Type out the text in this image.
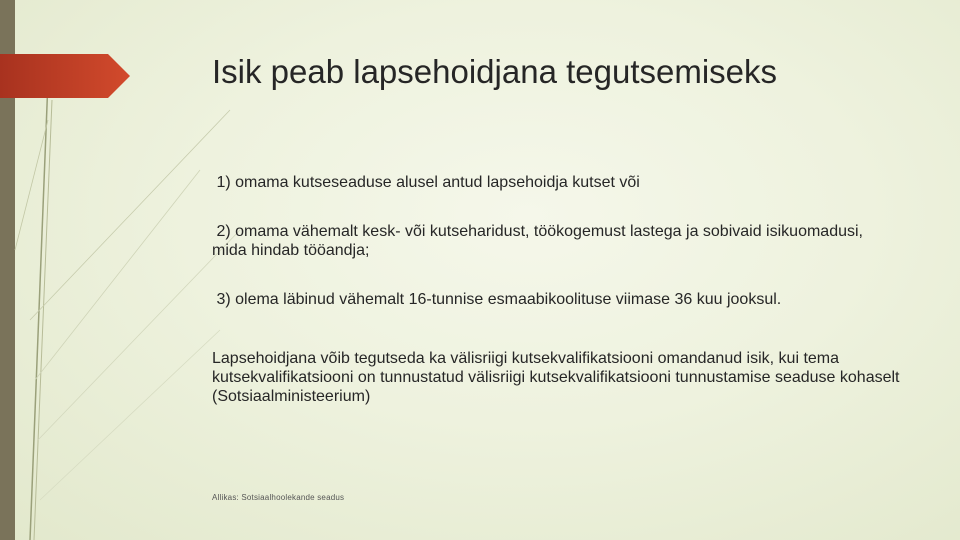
Isik peab lapsehoidjana tegutsemiseks
1) omama kutseseaduse alusel antud lapsehoidja kutset või
2) omama vähemalt kesk- või kutseharidust, töökogemust lastega ja sobivaid isikuomadusi, mida hindab tööandja;
3) olema läbinud vähemalt 16-tunnise esmaabikoolituse viimase 36 kuu jooksul.
Lapsehoidjana võib tegutseda ka välisriigi kutsekvalifikatsiooni omandanud isik, kui tema kutsekvalifikatsiooni on tunnustatud välisriigi kutsekvalifikatsiooni tunnustamise seaduse kohaselt (Sotsiaalministeerium)
Allikas: Sotsiaalhoolekande seadus
